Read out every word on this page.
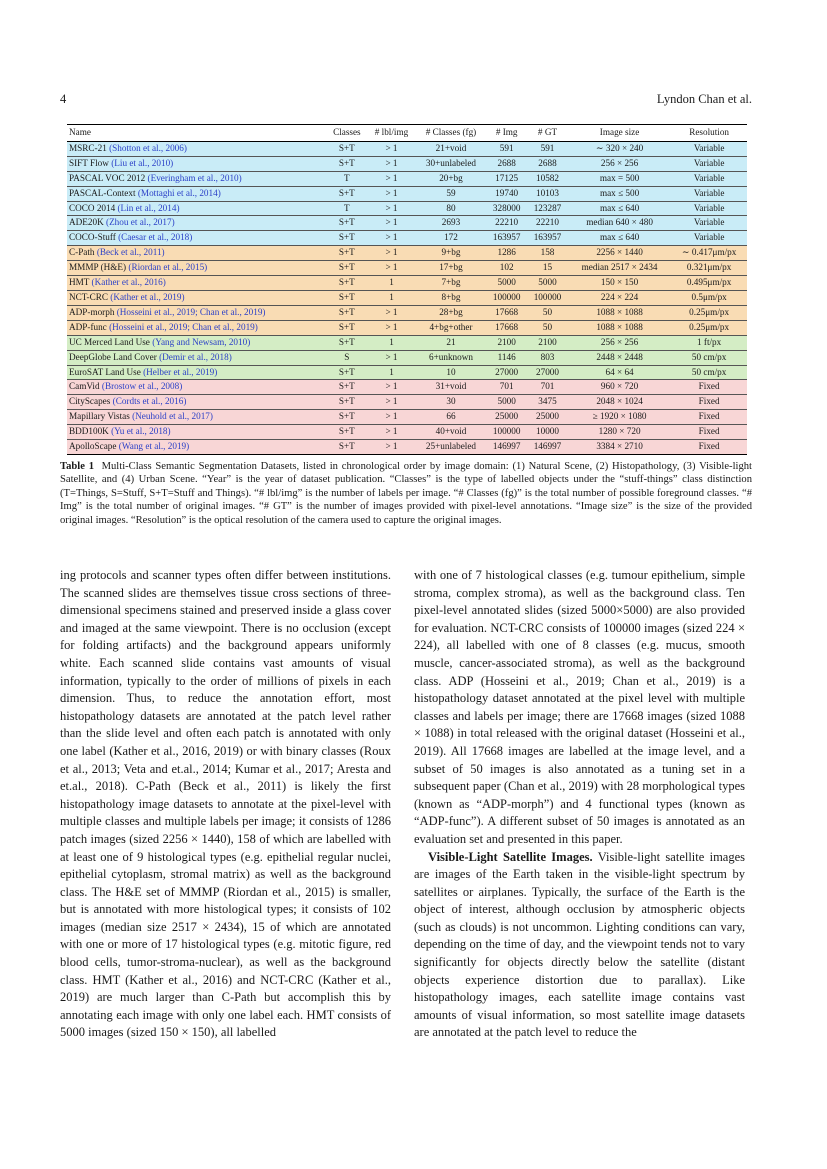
4	Lyndon Chan et al.
Name	Classes	# lbl/img	# Classes (fg)	# Img	# GT	Image size	Resolution
MSRC-21 (Shotton et al., 2006)	S+T	> 1	21+void	591	591	∼ 320 × 240	Variable
SIFT Flow (Liu et al., 2010)	S+T	> 1	30+unlabeled	2688	2688	256 × 256	Variable
PASCAL VOC 2012 (Everingham et al., 2010)	T	> 1	20+bg	17125	10582	max = 500	Variable
PASCAL-Context (Mottaghi et al., 2014)	S+T	> 1	59	19740	10103	max ≤ 500	Variable
COCO 2014 (Lin et al., 2014)	T	> 1	80	328000	123287	max ≤ 640	Variable
ADE20K (Zhou et al., 2017)	S+T	> 1	2693	22210	22210	median 640 × 480	Variable
COCO-Stuff (Caesar et al., 2018)	S+T	> 1	172	163957	163957	max ≤ 640	Variable
C-Path (Beck et al., 2011)	S+T	> 1	9+bg	1286	158	2256 × 1440	∼ 0.417μm/px
MMMP (H&E) (Riordan et al., 2015)	S+T	> 1	17+bg	102	15	median 2517 × 2434	0.321μm/px
HMT (Kather et al., 2016)	S+T	1	7+bg	5000	5000	150 × 150	0.495μm/px
NCT-CRC (Kather et al., 2019)	S+T	1	8+bg	100000	100000	224 × 224	0.5μm/px
ADP-morph (Hosseini et al., 2019; Chan et al., 2019)	S+T	> 1	28+bg	17668	50	1088 × 1088	0.25μm/px
ADP-func (Hosseini et al., 2019; Chan et al., 2019)	S+T	> 1	4+bg+other	17668	50	1088 × 1088	0.25μm/px
UC Merced Land Use (Yang and Newsam, 2010)	S+T	1	21	2100	2100	256 × 256	1 ft/px
DeepGlobe Land Cover (Demir et al., 2018)	S	> 1	6+unknown	1146	803	2448 × 2448	50 cm/px
EuroSAT Land Use (Helber et al., 2019)	S+T	1	10	27000	27000	64 × 64	50 cm/px
CamVid (Brostow et al., 2008)	S+T	> 1	31+void	701	701	960 × 720	Fixed
CityScapes (Cordts et al., 2016)	S+T	> 1	30	5000	3475	2048 × 1024	Fixed
Mapillary Vistas (Neuhold et al., 2017)	S+T	> 1	66	25000	25000	≥ 1920 × 1080	Fixed
BDD100K (Yu et al., 2018)	S+T	> 1	40+void	100000	10000	1280 × 720	Fixed
ApolloScape (Wang et al., 2019)	S+T	> 1	25+unlabeled	146997	146997	3384 × 2710	Fixed
Table 1 Multi-Class Semantic Segmentation Datasets, listed in chronological order by image domain: (1) Natural Scene, (2) Histopathology, (3) Visible-light Satellite, and (4) Urban Scene. “Year” is the year of dataset publication. “Classes” is the type of labelled objects under the “stuff-things” class distinction (T=Things, S=Stuff, S+T=Stuff and Things). “# lbl/img” is the number of labels per image. “# Classes (fg)” is the total number of possible foreground classes. “# Img” is the total number of original images. “# GT” is the number of images provided with pixel-level annotations. “Image size” is the size of the provided original images. “Resolution” is the optical resolution of the camera used to capture the original images.

ing protocols and scanner types often differ between institutions. The scanned slides are themselves tissue cross sections of three-dimensional specimens stained and preserved inside a glass cover and imaged at the same viewpoint. There is no occlusion (except for folding artifacts) and the background appears uniformly white. Each scanned slide contains vast amounts of visual information, typically to the order of millions of pixels in each dimension. Thus, to reduce the annotation effort, most histopathology datasets are annotated at the patch level rather than the slide level and often each patch is annotated with only one label (Kather et al., 2016, 2019) or with binary classes (Roux et al., 2013; Veta and et.al., 2014; Kumar et al., 2017; Aresta and et.al., 2018). C-Path (Beck et al., 2011) is likely the first histopathology image datasets to annotate at the pixel-level with multiple classes and multiple labels per image; it consists of 1286 patch images (sized 2256 × 1440), 158 of which are labelled with at least one of 9 histological types (e.g. epithelial regular nuclei, epithelial cytoplasm, stromal matrix) as well as the background class. The H&E set of MMMP (Riordan et al., 2015) is smaller, but is annotated with more histological types; it consists of 102 images (median size 2517 × 2434), 15 of which are annotated with one or more of 17 histological types (e.g. mitotic figure, red blood cells, tumor-stroma-nuclear), as well as the background class. HMT (Kather et al., 2016) and NCT-CRC (Kather et al., 2019) are much larger than C-Path but accomplish this by annotating each image with only one label each. HMT consists of 5000 images (sized 150 × 150), all labelled

with one of 7 histological classes (e.g. tumour epithelium, simple stroma, complex stroma), as well as the background class. Ten pixel-level annotated slides (sized 5000×5000) are also provided for evaluation. NCT-CRC consists of 100000 images (sized 224 × 224), all labelled with one of 8 classes (e.g. mucus, smooth muscle, cancer-associated stroma), as well as the background class. ADP (Hosseini et al., 2019; Chan et al., 2019) is a histopathology dataset annotated at the pixel level with multiple classes and labels per image; there are 17668 images (sized 1088 × 1088) in total released with the original dataset (Hosseini et al., 2019). All 17668 images are labelled at the image level, and a subset of 50 images is also annotated as a tuning set in a subsequent paper (Chan et al., 2019) with 28 morphological types (known as “ADP-morph”) and 4 functional types (known as “ADP-func”). A different subset of 50 images is annotated as an evaluation set and presented in this paper.

Visible-Light Satellite Images. Visible-light satellite images are images of the Earth taken in the visible-light spectrum by satellites or airplanes. Typically, the surface of the Earth is the object of interest, although occlusion by atmospheric objects (such as clouds) is not uncommon. Lighting conditions can vary, depending on the time of day, and the viewpoint tends not to vary significantly for objects directly below the satellite (distant objects experience distortion due to parallax). Like histopathology images, each satellite image contains vast amounts of visual information, so most satellite image datasets are annotated at the patch level to reduce the
